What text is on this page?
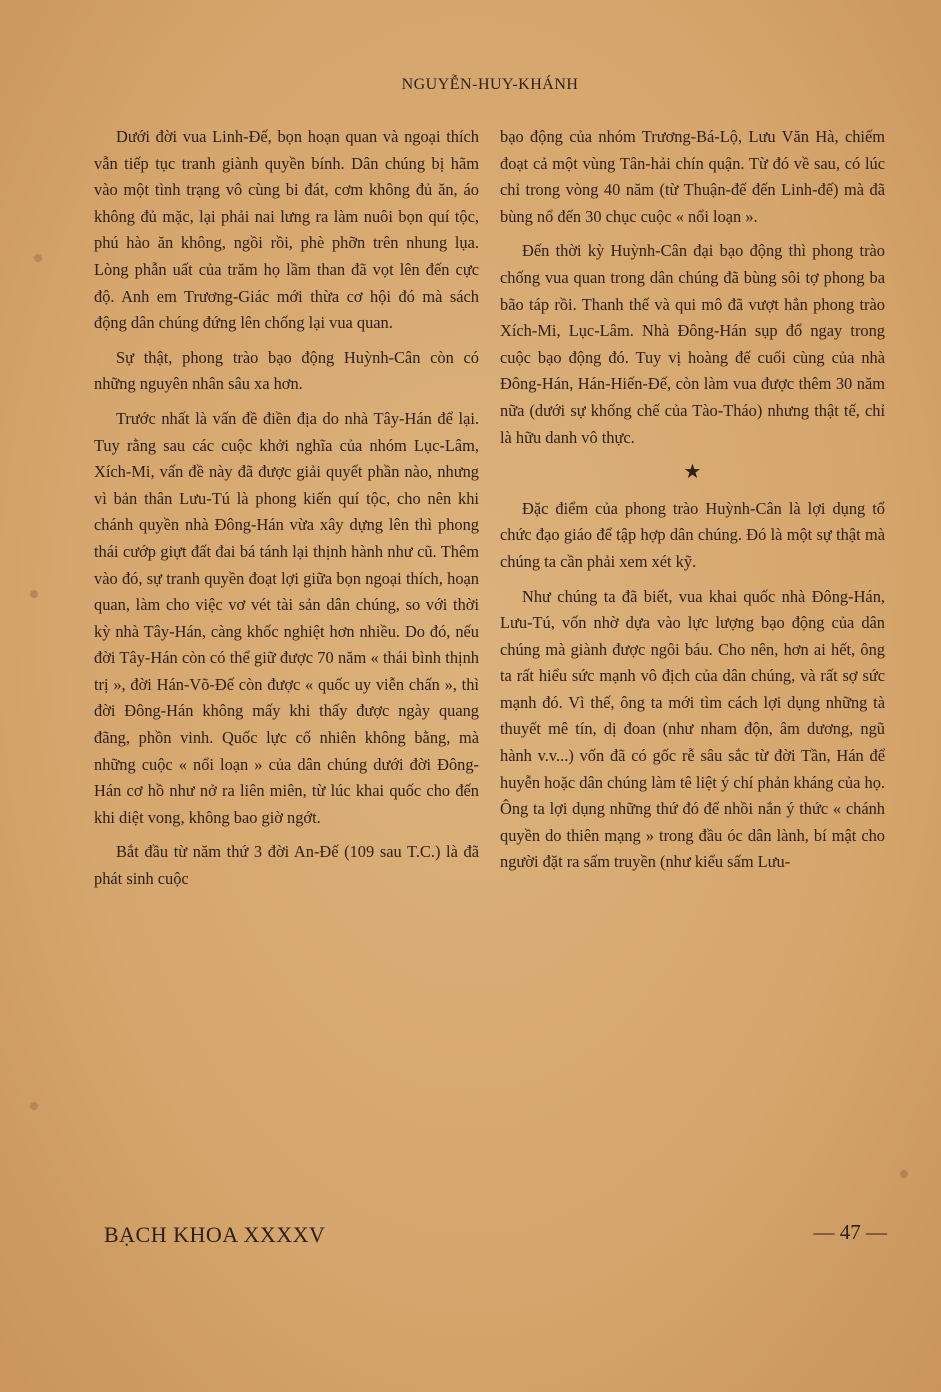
NGUYỄN-HUY-KHÁNH

Dưới đời vua Linh-Đế, bọn hoạn quan và ngoại thích vẫn tiếp tục tranh giành quyền bính. Dân chúng bị hãm vào một tình trạng vô cùng bi đát, cơm không đủ ăn, áo không đủ mặc, lại phải nai lưng ra làm nuôi bọn quí tộc, phú hào ăn không, ngồi rồi, phè phỡn trên nhung lụa. Lòng phẫn uất của trăm họ lầm than đã vọt lên đến cực độ. Anh em Trương-Giác mới thừa cơ hội đó mà sách động dân chúng đứng lên chống lại vua quan.

Sự thật, phong trào bạo động Huỳnh-Cân còn có những nguyên nhân sâu xa hơn.

Trước nhất là vấn đề điền địa do nhà Tây-Hán để lại. Tuy rằng sau các cuộc khởi nghĩa của nhóm Lục-Lâm, Xích-Mi, vấn đề này đã được giải quyết phần nào, nhưng vì bản thân Lưu-Tú là phong kiến quí tộc, cho nên khi chánh quyền nhà Đông-Hán vừa xây dựng lên thì phong thái cướp giựt đất đai bá tánh lại thịnh hành như cũ. Thêm vào đó, sự tranh quyền đoạt lợi giữa bọn ngoại thích, hoạn quan, làm cho việc vơ vét tài sản dân chúng, so với thời kỳ nhà Tây-Hán, càng khốc nghiệt hơn nhiều. Do đó, nếu đời Tây-Hán còn có thể giữ được 70 năm « thái bình thịnh trị », đời Hán-Võ-Đế còn được « quốc uy viễn chấn », thì đời Đông-Hán không mấy khi thấy được ngày quang đãng, phồn vinh. Quốc lực cố nhiên không bằng, mà những cuộc « nổi loạn » của dân chúng dưới đời Đông-Hán cơ hồ như nở ra liên miên, từ lúc khai quốc cho đến khi diệt vong, không bao giờ ngớt.

Bắt đầu từ năm thứ 3 đời An-Đế (109 sau T.C.) là đã phát sinh cuộc

bạo động của nhóm Trương-Bá-Lộ, Lưu Văn Hà, chiếm đoạt cả một vùng Tân-hải chín quận. Từ đó về sau, có lúc chỉ trong vòng 40 năm (từ Thuận-đế đến Linh-đế) mà đã bùng nổ đến 30 chục cuộc « nổi loạn ».

Đến thời kỳ Huỳnh-Cân đại bạo động thì phong trào chống vua quan trong dân chúng đã bùng sôi tợ phong ba bão táp rồi. Thanh thế và qui mô đã vượt hẳn phong trào Xích-Mi, Lục-Lâm. Nhà Đông-Hán sụp đổ ngay trong cuộc bạo động đó. Tuy vị hoàng đế cuối cùng của nhà Đông-Hán, Hán-Hiến-Đế, còn làm vua được thêm 30 năm nữa (dưới sự khống chế của Tào-Tháo) nhưng thật tế, chỉ là hữu danh vô thực.

★

Đặc điểm của phong trào Huỳnh-Cân là lợi dụng tổ chức đạo giáo để tập hợp dân chúng. Đó là một sự thật mà chúng ta cần phải xem xét kỹ.

Như chúng ta đã biết, vua khai quốc nhà Đông-Hán, Lưu-Tú, vốn nhờ dựa vào lực lượng bạo động của dân chúng mà giành được ngôi báu. Cho nên, hơn ai hết, ông ta rất hiểu sức mạnh vô địch của dân chúng, và rất sợ sức mạnh đó. Vì thế, ông ta mới tìm cách lợi dụng những tà thuyết mê tín, dị đoan (như nham độn, âm dương, ngũ hành v.v...) vốn đã có gốc rễ sâu sắc từ đời Tần, Hán để huyễn hoặc dân chúng làm tê liệt ý chí phản kháng của họ. Ông ta lợi dụng những thứ đó để nhồi nắn ý thức « chánh quyền do thiên mạng » trong đầu óc dân lành, bí mật cho người đặt ra sấm truyền (như kiểu sấm Lưu-

BẠCH KHOA XXXXV	— 47 —
